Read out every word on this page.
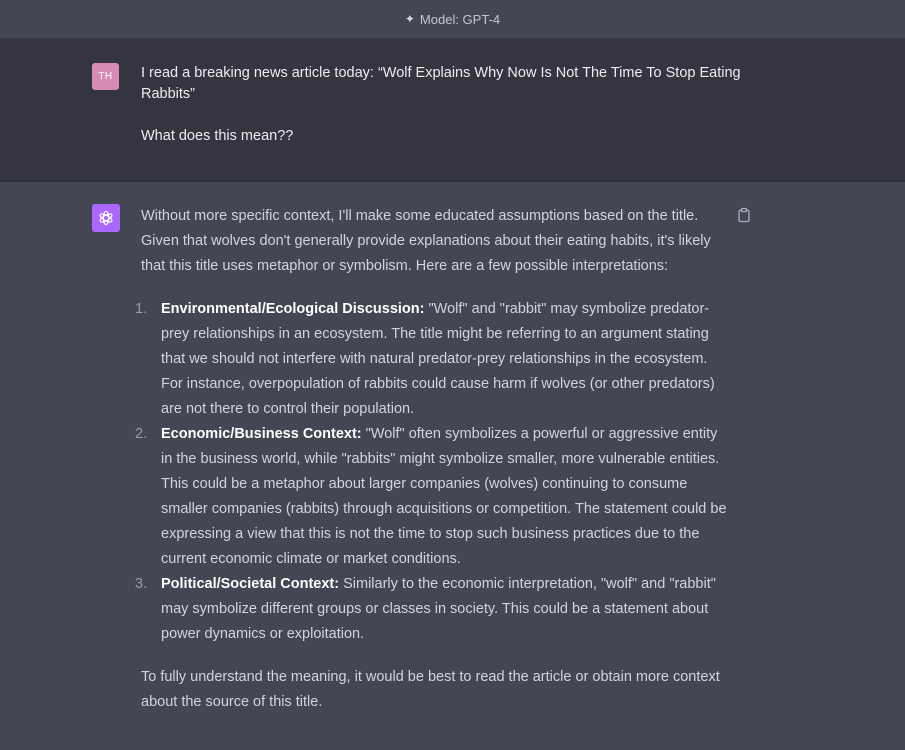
✦ Model: GPT-4
TH	I read a breaking news article today: “Wolf Explains Why Now Is Not The Time To Stop Eating Rabbits”

What does this mean??

Without more specific context, I'll make some educated assumptions based on the title. Given that wolves don't generally provide explanations about their eating habits, it's likely that this title uses metaphor or symbolism. Here are a few possible interpretations:

1. Environmental/Ecological Discussion: "Wolf" and "rabbit" may symbolize predator-prey relationships in an ecosystem. The title might be referring to an argument stating that we should not interfere with natural predator-prey relationships in the ecosystem. For instance, overpopulation of rabbits could cause harm if wolves (or other predators) are not there to control their population.
2. Economic/Business Context: "Wolf" often symbolizes a powerful or aggressive entity in the business world, while "rabbits" might symbolize smaller, more vulnerable entities. This could be a metaphor about larger companies (wolves) continuing to consume smaller companies (rabbits) through acquisitions or competition. The statement could be expressing a view that this is not the time to stop such business practices due to the current economic climate or market conditions.
3. Political/Societal Context: Similarly to the economic interpretation, "wolf" and "rabbit" may symbolize different groups or classes in society. This could be a statement about power dynamics or exploitation.

To fully understand the meaning, it would be best to read the article or obtain more context about the source of this title.
